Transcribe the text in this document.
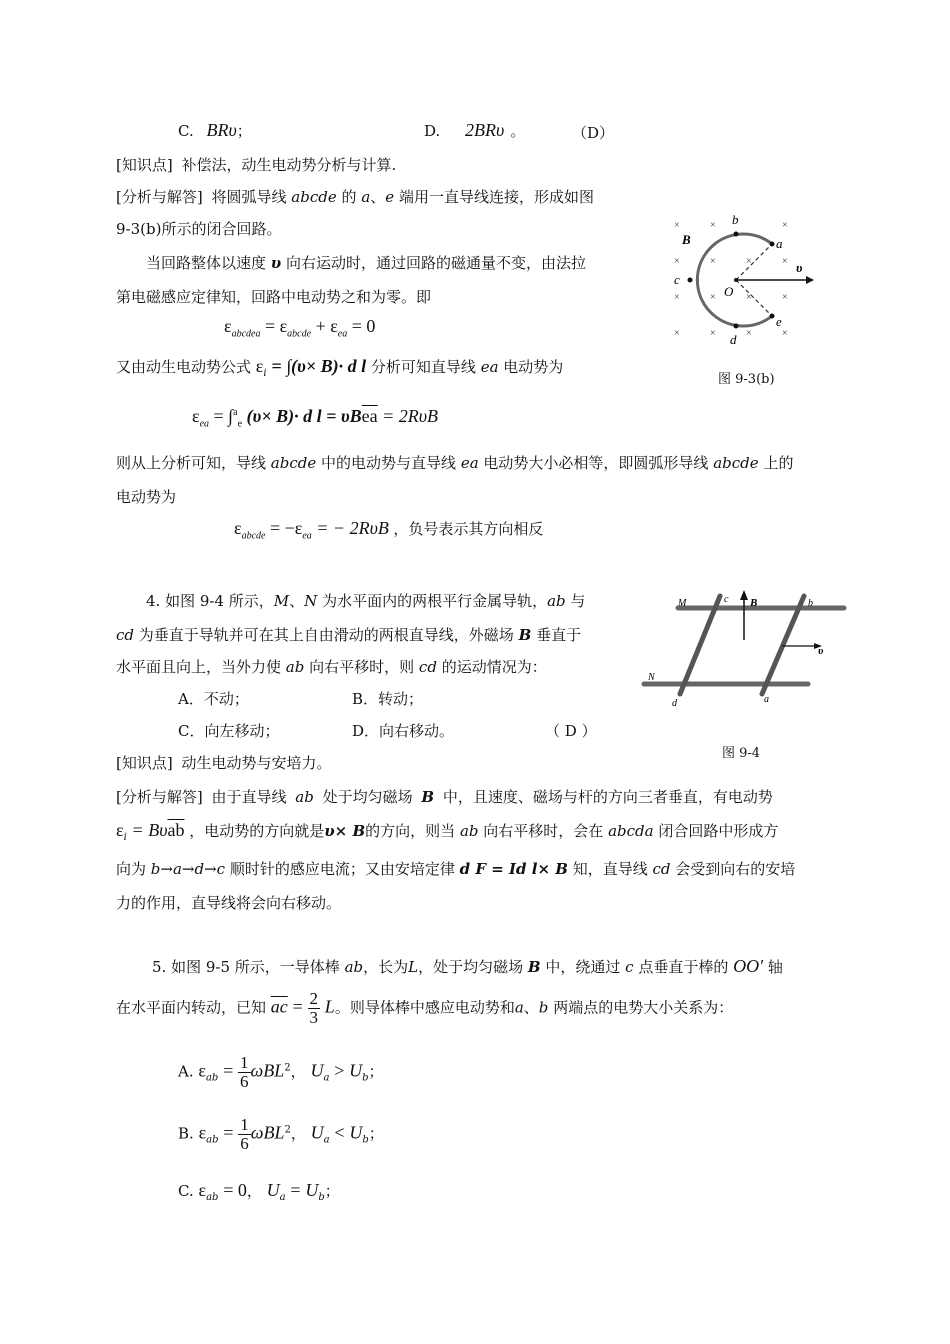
C. BRυ；	D. 2BRυ 。	（D）
[知识点] 补偿法，动生电动势分析与计算.
[分析与解答] 将圆弧导线 abcde 的 a、e 端用一直导线连接，形成如图
9-3(b)所示的闭合回路。
当回路整体以速度 υ 向右运动时，通过回路的磁通量不变，由法拉
第电磁感应定律知，回路中电动势之和为零。即
$\varepsilon_{abcdea} = \varepsilon_{abcde} + \varepsilon_{ea} = 0$
又由动生电动势公式 $\varepsilon_i = \int(\upsilon\times B)\cdot d$ l 分析可知直导线 ea 电动势为
$\varepsilon_{ea} = \int^a_e$ (υ× B)· d $l = \upsilon B\overline{ea} = 2R\upsilon B$
则从上分析可知，导线 abcde 中的电动势与直导线 ea 电动势大小必相等，即圆弧形导线 abcde 上的
电动势为
$\varepsilon_{abcde} = -\varepsilon_{ea}$ = − 2RυB ，负号表示其方向相反
×	×	×
×	×	×	×
×	×	×	×
×	×	×	×
B
b
a
c
O
υ
e
d
图 9-3(b)
4. 如图 9-4 所示，M、N 为水平面内的两根平行金属导轨，ab 与
cd 为垂直于导轨并可在其上自由滑动的两根直导线，外磁场 B 垂直于
水平面且向上，当外力使 ab 向右平移时，则 cd 的运动情况为：
A．不动；	B．转动；
C．向左移动；	D．向右移动。	（ D ）
[知识点] 动生电动势与安培力。
[分析与解答] 由于直导线 ab 处于均匀磁场 B 中，且速度、磁场与杆的方向三者垂直，有电动势
$\varepsilon_i = B\upsilon\overline{ab}$ ，电动势的方向就是υ× B的方向，则当 ab 向右平移时，会在 abcda 闭合回路中形成方
向为 b→a→d→c 顺时针的感应电流；又由安培定律 d F = Id l× B 知，直导线 cd 会受到向右的安培
力的作用，直导线将会向右移动。
M	c B	b
υ
N
d	a
图 9-4
5. 如图 9-5 所示，一导体棒 ab，长为L，处于均匀磁场 B 中，绕通过 c 点垂直于棒的 OO′ 轴
在水平面内转动，已知 $\overline{ac} = \frac{2}{3}$ L。则导体棒中感应电动势和a、b 两端点的电势大小关系为：
A. $\varepsilon_{ab} = \frac{1}{6} \omega BL^2$， $U_a > U_b$；
B. $\varepsilon_{ab} = \frac{1}{6} \omega BL^2$， $U_a < U_b$；
C. $\varepsilon_{ab} = 0$， $U_a = U_b$；
